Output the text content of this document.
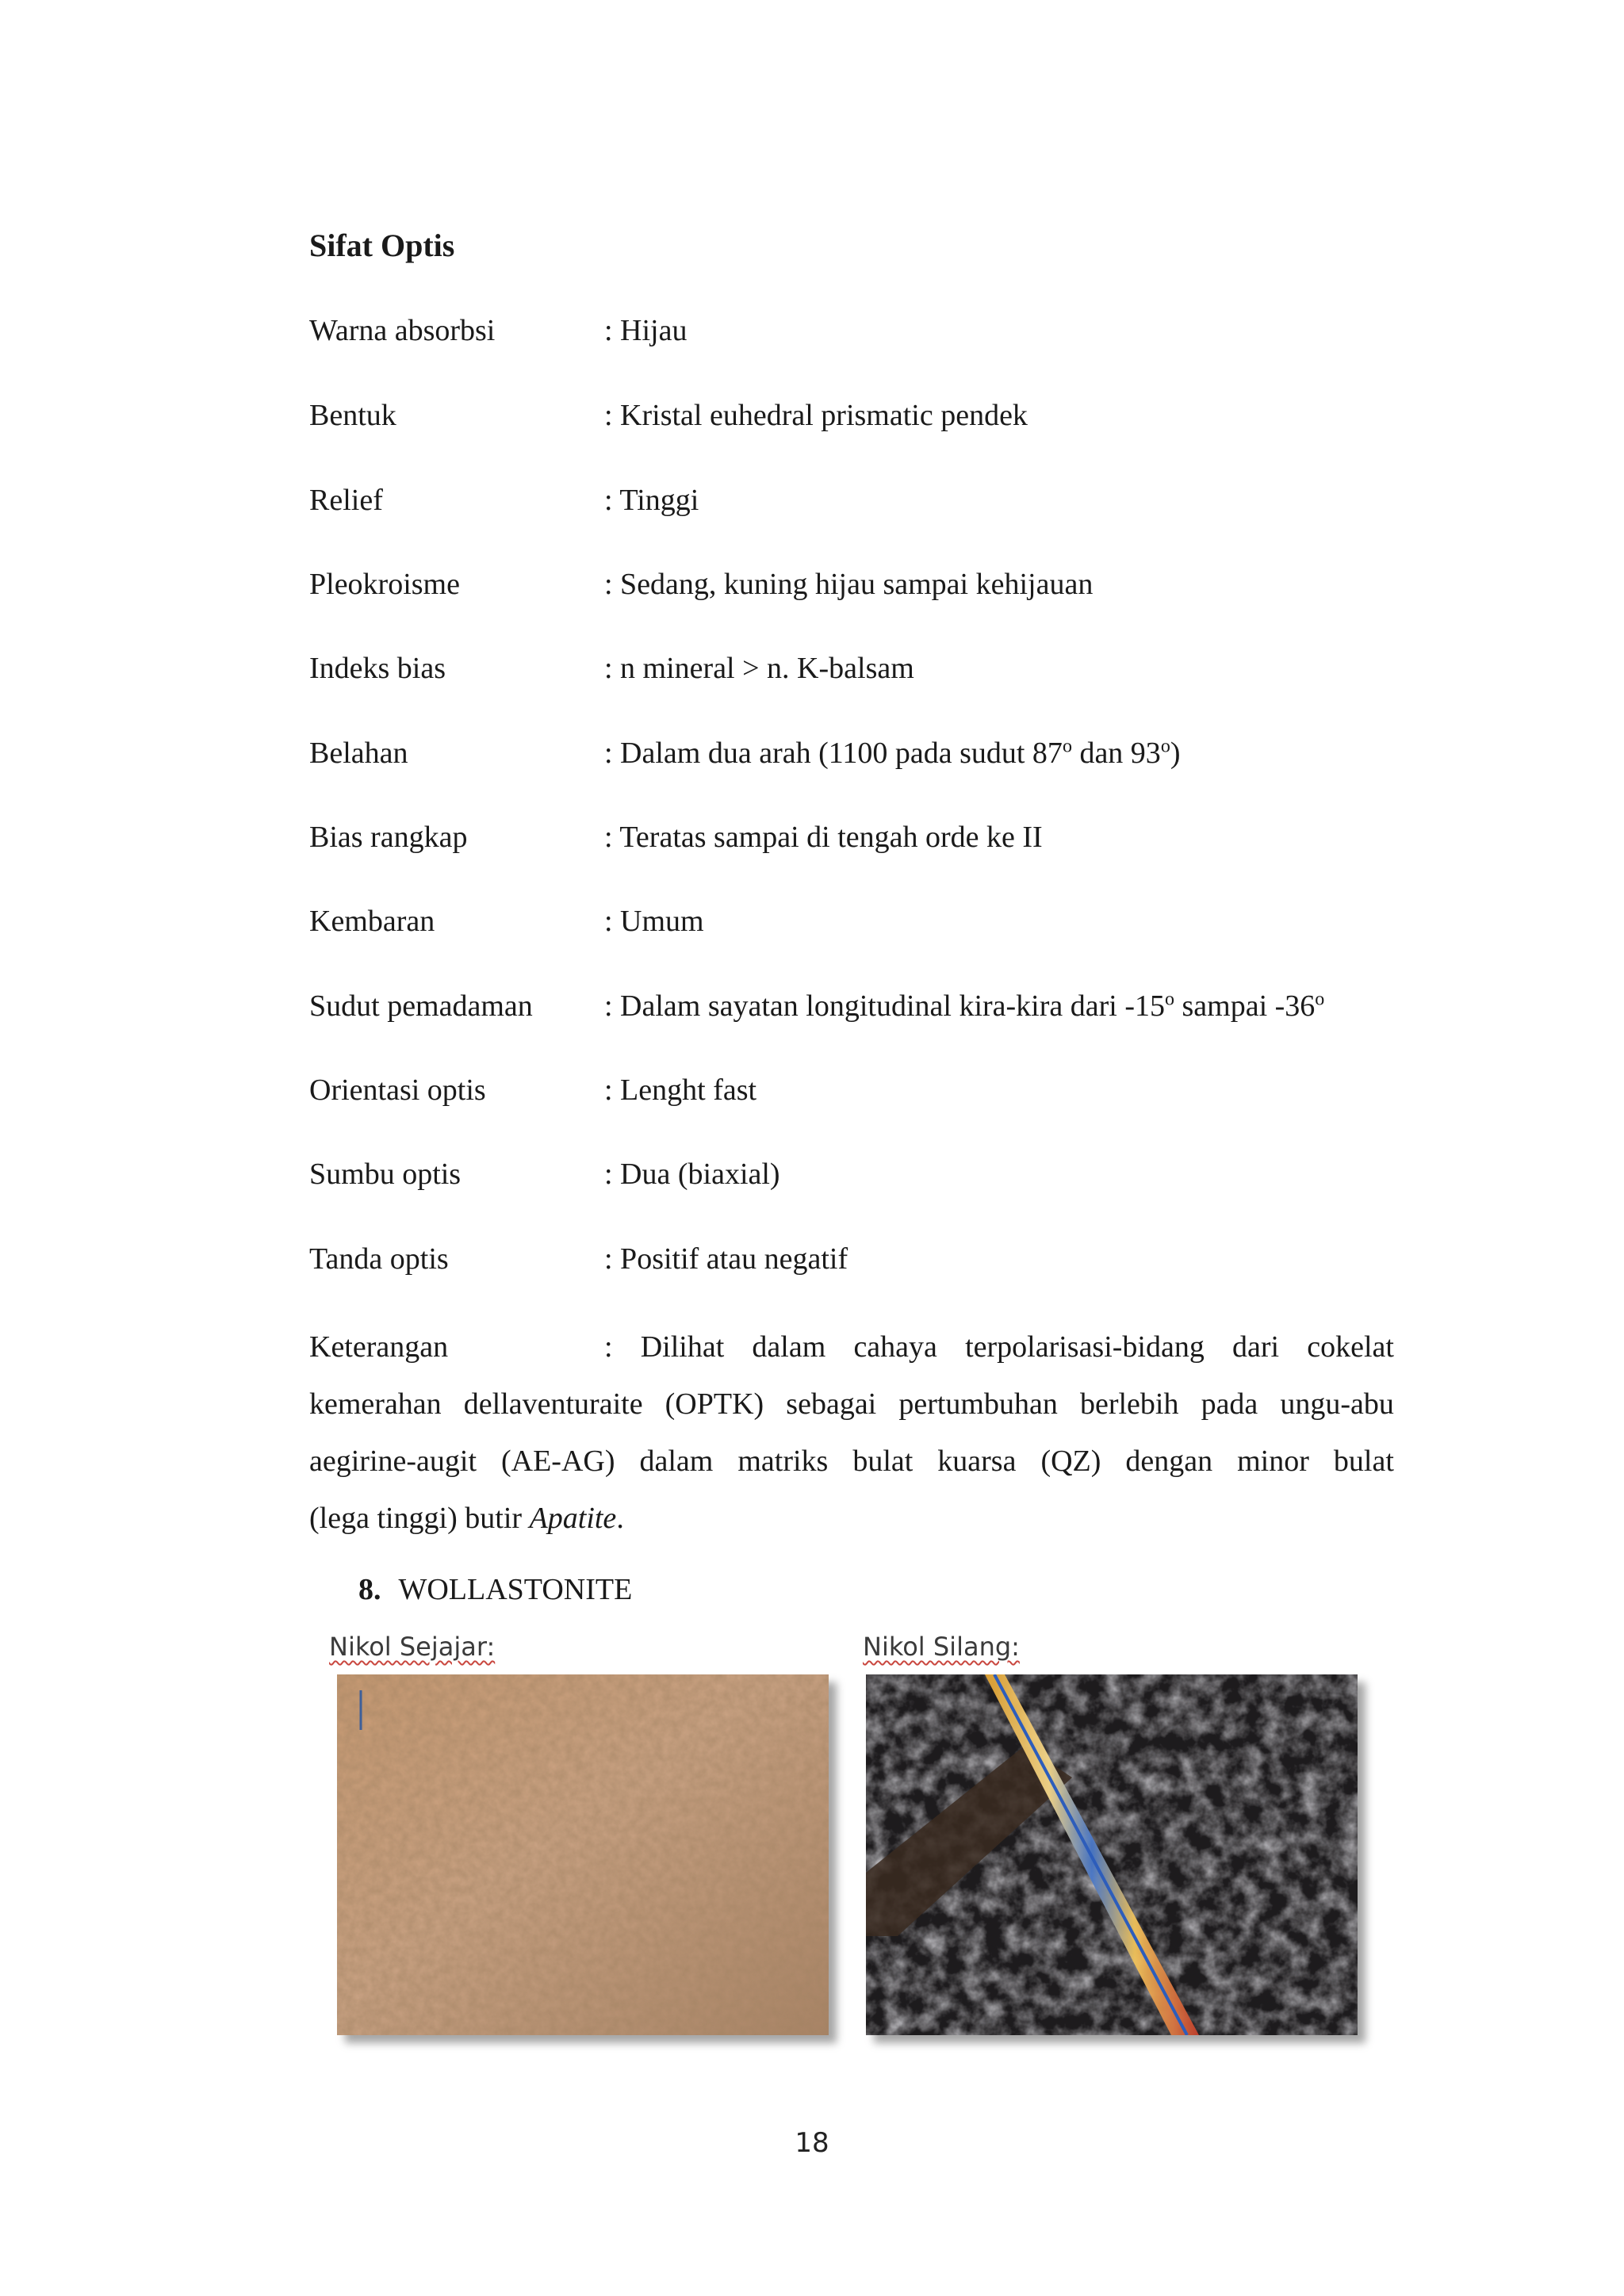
Sifat Optis
Warna absorbsi	: Hijau
Bentuk	: Kristal euhedral prismatic pendek
Relief	: Tinggi
Pleokroisme	: Sedang, kuning hijau sampai kehijauan
Indeks bias	: n mineral > n. K-balsam
Belahan	: Dalam dua arah (1100 pada sudut 87$^o$ dan 93$^o$)
Bias rangkap	: Teratas sampai di tengah orde ke II
Kembaran	: Umum
Sudut pemadaman : Dalam sayatan longitudinal kira-kira dari -15$^o$ sampai -36$^o$
Orientasi optis	: Lenght fast
Sumbu optis	: Dua (biaxial)
Tanda optis	: Positif atau negatif
Keterangan	: Dilihat dalam cahaya terpolarisasi-bidang dari cokelat
kemerahan dellaventuraite (OPTK) sebagai pertumbuhan berlebih pada ungu-abu
aegirine-augit (AE-AG) dalam matriks bulat kuarsa (QZ) dengan minor bulat
(lega tinggi) butir Apatite.
8. WOLLASTONITE
Nikol Sejajar:	Nikol Silang:
18
